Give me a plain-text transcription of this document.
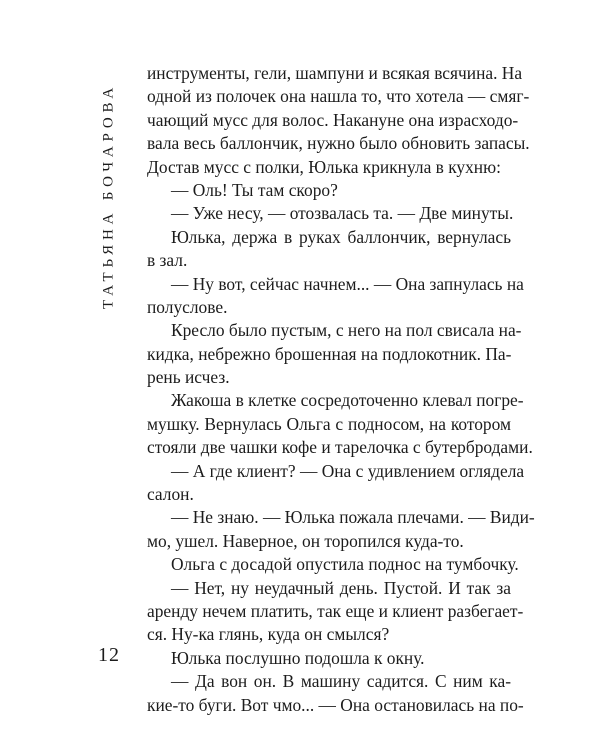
ТАТЬЯНА БОЧАРОВА
12
инструменты, гели, шампуни и всякая всячина. На
одной из полочек она нашла то, что хотела — смяг-
чающий мусс для волос. Накануне она израсходо-
вала весь баллончик, нужно было обновить запасы.
Достав мусс с полки, Юлька крикнула в кухню:
— Оль! Ты там скоро?
— Уже несу, — отозвалась та. — Две минуты.
Юлька, держа в руках баллончик, вернулась
в зал.
— Ну вот, сейчас начнем... — Она запнулась на
полуслове.
Кресло было пустым, с него на пол свисала на-
кидка, небрежно брошенная на подлокотник. Па-
рень исчез.
Жакоша в клетке сосредоточенно клевал погре-
мушку. Вернулась Ольга с подносом, на котором
стояли две чашки кофе и тарелочка с бутербродами.
— А где клиент? — Она с удивлением оглядела
салон.
— Не знаю. — Юлька пожала плечами. — Види-
мо, ушел. Наверное, он торопился куда-то.
Ольга с досадой опустила поднос на тумбочку.
— Нет, ну неудачный день. Пустой. И так за
аренду нечем платить, так еще и клиент разбегает-
ся. Ну-ка глянь, куда он смылся?
Юлька послушно подошла к окну.
— Да вон он. В машину садится. С ним ка-
кие-то буги. Вот чмо... — Она остановилась на по-
